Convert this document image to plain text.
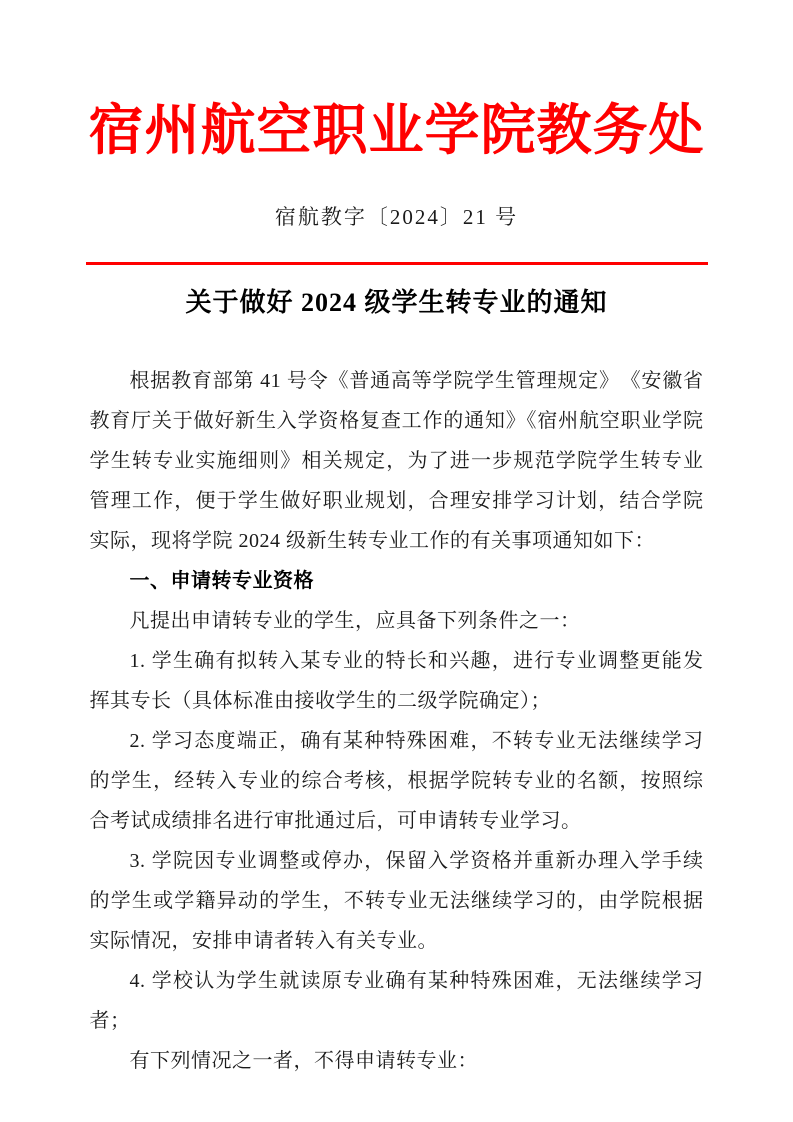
宿州航空职业学院教务处
宿航教字〔2024〕21 号
关于做好 2024 级学生转专业的通知

根据教育部第 41 号令《普通高等学院学生管理规定》　《安徽省教育厅关于做好新生入学资格复查工作的通知》《宿州航空职业学院学生转专业实施细则》相关规定，为了进一步规范学院学生转专业管理工作，便于学生做好职业规划，合理安排学习计划，结合学院实际，现将学院 2024 级新生转专业工作的有关事项通知如下：

一、申请转专业资格

凡提出申请转专业的学生，应具备下列条件之一：

1. 学生确有拟转入某专业的特长和兴趣，进行专业调整更能发挥其专长（具体标准由接收学生的二级学院确定）；

2. 学习态度端正，确有某种特殊困难，不转专业无法继续学习的学生，经转入专业的综合考核，根据学院转专业的名额，按照综合考试成绩排名进行审批通过后，可申请转专业学习。

3. 学院因专业调整或停办，保留入学资格并重新办理入学手续的学生或学籍异动的学生，不转专业无法继续学习的，由学院根据实际情况，安排申请者转入有关专业。

4. 学校认为学生就读原专业确有某种特殊困难，无法继续学习者；

有下列情况之一者，不得申请转专业：
